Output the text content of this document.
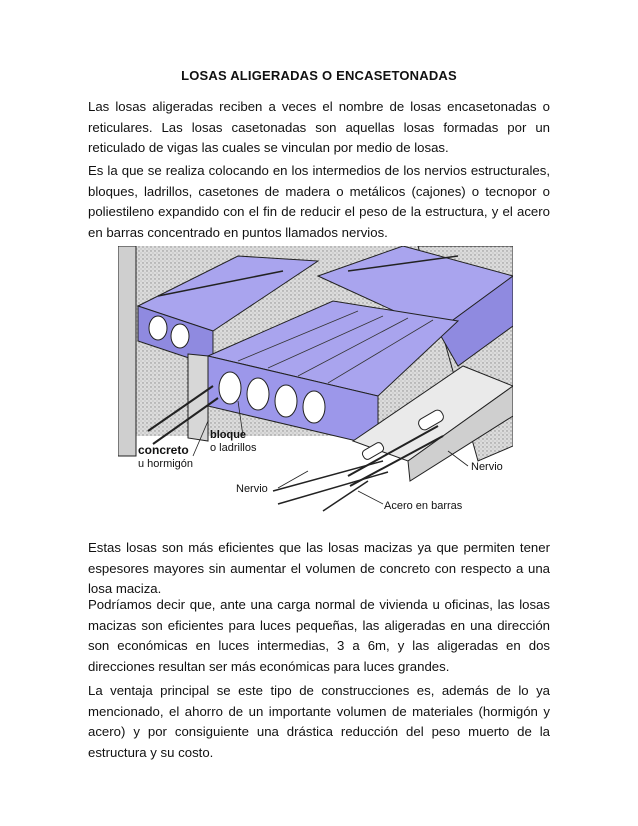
LOSAS ALIGERADAS O ENCASETONADAS

Las losas aligeradas reciben a veces el nombre de losas encasetonadas o reticulares. Las losas casetonadas son aquellas losas formadas por un reticulado de vigas las cuales se vinculan por medio de losas.

Es la que se realiza colocando en los intermedios de los nervios estructurales, bloques, ladrillos, casetones de madera o metálicos (cajones) o tecnopor o poliestileno expandido con el fin de reducir el peso de la estructura, y el acero en barras concentrado en puntos llamados nervios.

concreto
u hormigón
bloque
o ladrillos
Nervio
Nervio
Acero en barras

Estas losas son más eficientes que las losas macizas ya que permiten tener espesores mayores sin aumentar el volumen de concreto con respecto a una losa maciza.

Podríamos decir que, ante una carga normal de vivienda u oficinas, las losas macizas son eficientes para luces pequeñas, las aligeradas en una dirección son económicas en luces intermedias, 3 a 6m, y las aligeradas en dos direcciones resultan ser más económicas para luces grandes.

La ventaja principal se este tipo de construcciones es, además de lo ya mencionado, el ahorro de un importante volumen de materiales (hormigón y acero) y por consiguiente una drástica reducción del peso muerto de la estructura y su costo.
